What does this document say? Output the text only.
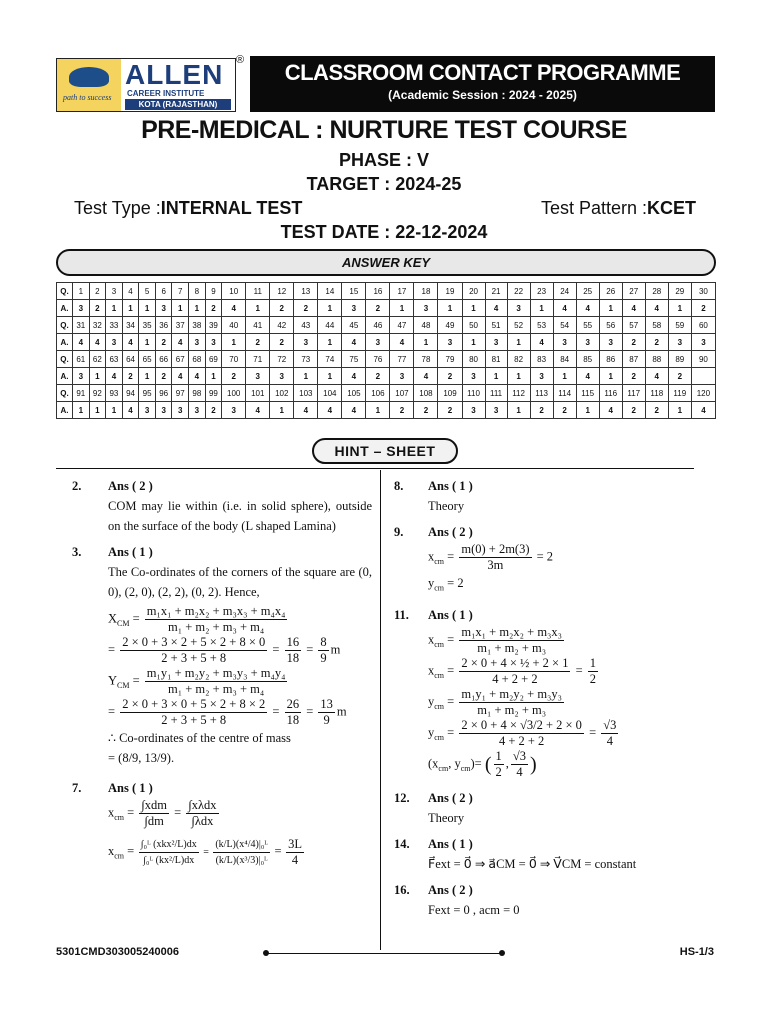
path to success
ALLEN
CAREER INSTITUTE
KOTA (RAJASTHAN)
®	CLASSROOM CONTACT PROGRAMME
(Academic Session : 2024 - 2025)
PRE-MEDICAL : NURTURE TEST COURSE
PHASE : V
TARGET : 2024-25
Test Type :INTERNAL TEST	Test Pattern :KCET
TEST DATE : 22-12-2024
ANSWER KEY
Q.	1	2	3	4	5	6	7	8	9	10	11	12	13	14	15	16	17	18	19	20	21	22	23	24	25	26	27	28	29	30
A.	3	2	1	1	1	3	1	1	2	4	1	2	2	1	3	2	1	3	1	1	4	3	1	4	4	1	4	4	1	2
Q.	31	32	33	34	35	36	37	38	39	40	41	42	43	44	45	46	47	48	49	50	51	52	53	54	55	56	57	58	59	60
A.	4	4	3	4	1	2	4	3	3	1	2	2	3	1	4	3	4	1	3	1	3	1	4	3	3	3	2	2	3	3
Q.	61	62	63	64	65	66	67	68	69	70	71	72	73	74	75	76	77	78	79	80	81	82	83	84	85	86	87	88	89	90
A.	3	1	4	2	1	2	4	4	1	2	3	3	1	1	4	2	3	4	2	3	1	1	3	1	4	1	2	4	2	
Q.	91	92	93	94	95	96	97	98	99	100	101	102	103	104	105	106	107	108	109	110	111	112	113	114	115	116	117	118	119	120
A.	1	1	1	4	3	3	3	3	2	3	4	1	4	4	4	1	2	2	2	3	3	1	2	2	1	4	2	2	1	4
HINT – SHEET
2. Ans ( 2 )
COM may lie within (i.e. in solid sphere), outside on the surface of the body (L shaped Lamina)
3. Ans ( 1 )
The Co-ordinates of the corners of the square are (0, 0), (2, 0), (2, 2), (0, 2). Hence,
$X_{CM} = \frac{\text{m₁x₁ + m₂x₂ + m₃x₃ + m₄x₄}}{\text{m₁ + m₂ + m₃ + m₄}}$
= $\frac{2 \times 0 + 3 \times 2 + 5 \times 2 + 8 \times 0}{2 + 3 + 5 + 8} = \frac{16}{18} = \frac{8}{9}$ m
$Y_{CM} = \frac{\text{m₁y₁ + m₂y₂ + m₃y₃ + m₄y₄}}{\text{m₁ + m₂ + m₃ + m₄}}$
= $\frac{2 \times 0 + 3 \times 0 + 5 \times 2 + 8 \times 2}{2 + 3 + 5 + 8} = \frac{26}{18} = \frac{13}{9}$ m
∴ Co-ordinates of the centre of mass
= (8/9, 13/9).
7. Ans ( 1 )
$x_{cm} = \frac{\text{∫xdm}}{\int dm} = \frac{\text{∫xλdx}}{\text{∫λdx}}$
$x_{cm} = \frac{\text{∫₀ᴸ (xkx²/L)dx}}{\text{∫₀ᴸ (kx²/L)dx}} = \frac{\text{(k/L)(x⁴/4)|₀ᴸ}}{\text{(k/L)(x³/3)|₀ᴸ}} = \frac{3L}{4}$
8. Ans ( 1 )
Theory
9. Ans ( 2 )
$x_{cm} = \frac{m(0) + 2m(3)}{3m} = 2$
$y_{cm} = 2$
11. Ans ( 1 )
$x_{cm} = \frac{\text{m₁x₁ + m₂x₂ + m₃x₃}}{\text{m₁ + m₂ + m₃}}$
$x_{cm} = \frac{\text{2 × 0 + 4 × ½ + 2 × 1}}{4 + 2 + 2} = \frac{1}{2}$
$y_{cm} = \frac{\text{m₁y₁ + m₂y₂ + m₃y₃}}{\text{m₁ + m₂ + m₃}}$
$y_{cm} = \frac{2 \times 0 + 4 \times √3/2 + 2 \times 0}{4 + 2 + 2} = \frac{√3}{4}$
($x_{cm}$, $y_{cm})=$ ( $\frac{1}{2}$ , $\frac{√3}{4}$ )
12. Ans ( 2 )
Theory
14. Ans ( 1 )
F⃗ext = 0⃗ ⇒ a⃗CM = 0⃗ ⇒ V⃗CM = constant
16. Ans ( 2 )
Fext = 0 , acm = 0
5301CMD303005240006	HS-1/3
